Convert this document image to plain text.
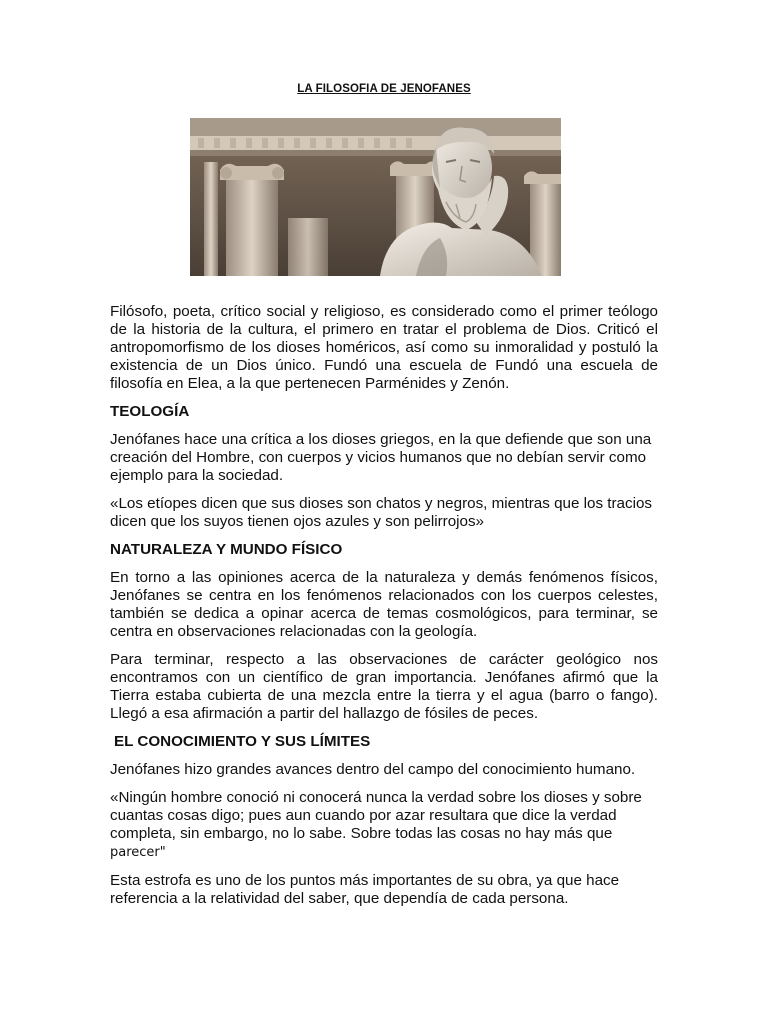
LA FILOSOFIA DE JENOFANES

Filósofo, poeta, crítico social y religioso, es considerado como el primer teólogo de la historia de la cultura, el primero en tratar el problema de Dios. Criticó el antropomorfismo de los dioses homéricos, así como su inmoralidad y postuló la existencia de un Dios único. Fundó una escuela de Fundó una escuela de filosofía en Elea, a la que pertenecen Parménides y Zenón.

TEOLOGÍA

Jenófanes hace una crítica a los dioses griegos, en la que defiende que son una creación del Hombre, con cuerpos y vicios humanos que no debían servir como ejemplo para la sociedad.

«Los etíopes dicen que sus dioses son chatos y negros, mientras que los tracios dicen que los suyos tienen ojos azules y son pelirrojos»

NATURALEZA Y MUNDO FÍSICO

En torno a las opiniones acerca de la naturaleza y demás fenómenos físicos, Jenófanes se centra en los fenómenos relacionados con los cuerpos celestes, también se dedica a opinar acerca de temas cosmológicos, para terminar, se centra en observaciones relacionadas con la geología.

Para terminar, respecto a las observaciones de carácter geológico nos encontramos con un científico de gran importancia. Jenófanes afirmó que la Tierra estaba cubierta de una mezcla entre la tierra y el agua (barro o fango). Llegó a esa afirmación a partir del hallazgo de fósiles de peces.

EL CONOCIMIENTO Y SUS LÍMITES

Jenófanes hizo grandes avances dentro del campo del conocimiento humano.

«Ningún hombre conoció ni conocerá nunca la verdad sobre los dioses y sobre cuantas cosas digo; pues aun cuando por azar resultara que dice la verdad completa, sin embargo, no lo sabe. Sobre todas las cosas no hay más que
parecer"

Esta estrofa es uno de los puntos más importantes de su obra, ya que hace referencia a la relatividad del saber, que dependía de cada persona.
